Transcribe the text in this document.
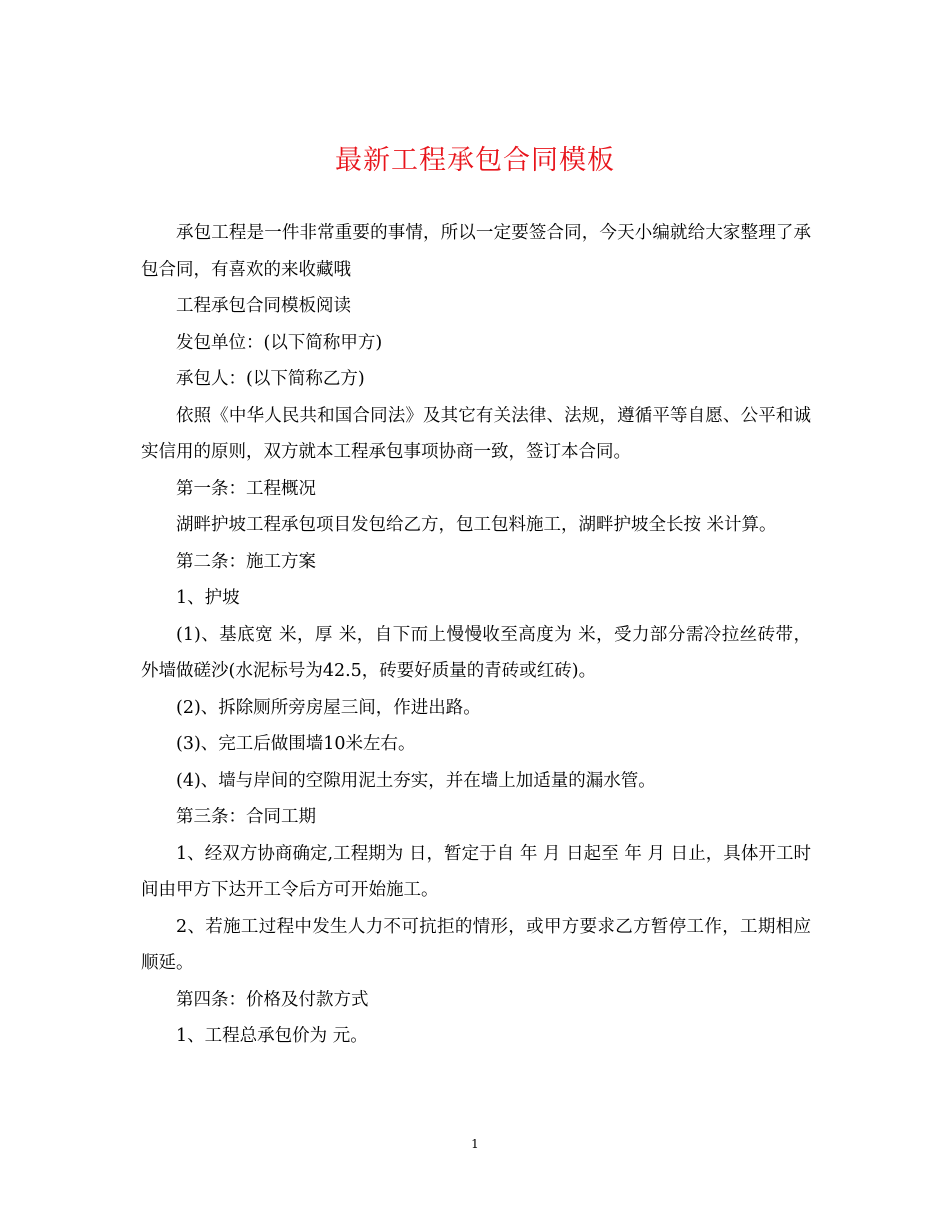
最新工程承包合同模板

承包工程是一件非常重要的事情，所以一定要签合同，今天小编就给大家整理了承包合同，有喜欢的来收藏哦

工程承包合同模板阅读

发包单位：(以下简称甲方)

承包人：(以下简称乙方)

依照《中华人民共和国合同法》及其它有关法律、法规，遵循平等自愿、公平和诚实信用的原则，双方就本工程承包事项协商一致，签订本合同。

第一条：工程概况

湖畔护坡工程承包项目发包给乙方，包工包料施工，湖畔护坡全长按 米计算。

第二条：施工方案

1、护坡

(1)、基底宽 米，厚 米，自下而上慢慢收至高度为 米，受力部分需冷拉丝砖带，外墙做磋沙(水泥标号为42.5，砖要好质量的青砖或红砖)。

(2)、拆除厕所旁房屋三间，作进出路。

(3)、完工后做围墙10米左右。

(4)、墙与岸间的空隙用泥土夯实，并在墙上加适量的漏水管。

第三条：合同工期

1、经双方协商确定,工程期为 日，暂定于自 年 月 日起至 年 月 日止，具体开工时间由甲方下达开工令后方可开始施工。

2、若施工过程中发生人力不可抗拒的情形，或甲方要求乙方暂停工作，工期相应顺延。

第四条：价格及付款方式

1、工程总承包价为 元。

1
